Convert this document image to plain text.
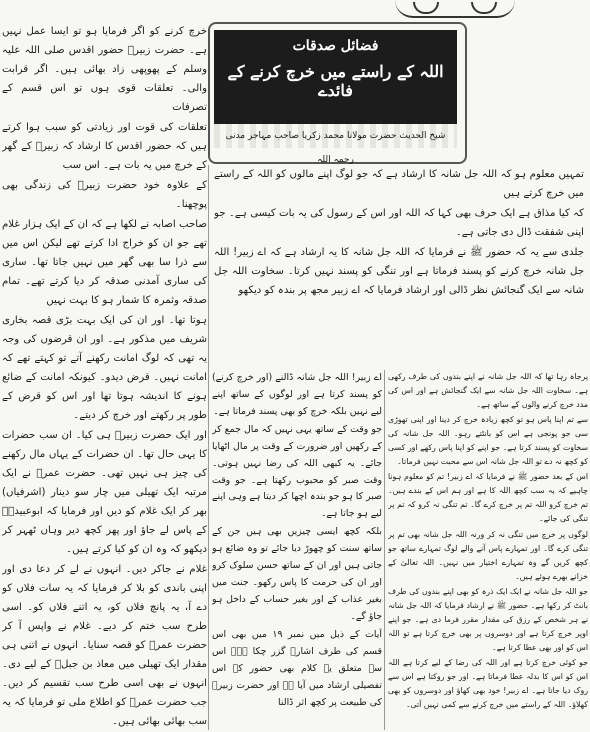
فضائل صدقات
اللہ کے راستے میں خرچ کرنے کے فائدے
شیخ الحدیث حضرت مولانا محمد زکریا صاحب مہاجر مدنی رحمہ اللہ

خرچ کرنے کو اگر فرمایا ہو تو ایسا عمل نہیں ہے۔ حضرت زبیرؓ حضور اقدس صلی اللہ علیہ وسلم کے پھوپھی زاد بھائی ہیں۔ اگر قرابت والی۔ تعلقات قوی ہوں تو اس قسم کے تصرفات

تعلقات کی قوت اور زیادتی کو سبب ہوا کرتے ہیں کہ حضور اقدس کا ارشاد کہ زبیرؓ کے گھر کے خرچ میں یہ بات ہے۔ اس سب

کے علاوہ خود حضرت زبیرؓ کی زندگی بھی پوچھنا۔

صاحب اصابہ نے لکھا ہے کہ ان کے ایک ہزار غلام تھے جو ان کو خراج ادا کرتے تھے لیکن اس میں سے ذرا سا بھی گھر میں نہیں جاتا تھا۔ ساری کی ساری آمدنی صدقہ کر دیا کرتے تھے۔ تمام صدقہ وثمرہ کا شمار ہو کا بہت نہیں

ہوتا تھا۔ اور ان کی ایک بہت بڑی قصہ بخاری شریف میں مذکور ہے۔ اور ان قرضوں کی وجہ یہ تھی کہ لوگ امانت رکھنے آتے تو کہتے تھے کہ امانت نہیں۔ قرض دیدو۔ کیونکہ امانت کے ضائع ہونے کا اندیشہ ہوتا تھا اور اس کو قرض کے طور پر رکھتے اور خرچ کر دیتے۔

اور ایک حضرت زبیرؓ ہی کیا۔ ان سب حضرات کا یہی حال تھا۔ ان حضرات کے یہاں مال رکھنے کی چیز ہی نہیں تھی۔ حضرت عمرؓ نے ایک مرتبہ ایک تھیلی میں چار سو دینار (اشرفیاں) بھر کر ایک غلام کو دیں اور فرمایا کہ ابوعبیدہؓ کے پاس لے جاؤ اور پھر کچھ دیر وہاں ٹھہر کر دیکھو کہ وہ ان کو کیا کرتے ہیں۔

غلام نے جاکر دیں۔ انہوں نے لے کر دعا دی اور اپنی باندی کو بلا کر فرمایا کہ یہ سات فلاں کو دے آ، یہ پانچ فلاں کو، یہ اتنے فلاں کو۔ اسی طرح سب ختم کر دیے۔ غلام نے واپس آ کر حضرت عمرؓ کو قصہ سنایا۔ انہوں نے اتنی ہی مقدار ایک تھیلی میں معاذ بن جبلؓ کے لیے دی۔ انہوں نے بھی اسی طرح سب تقسیم کر دیں۔ جب حضرت عمرؓ کو اطلاع ملی تو فرمایا کہ یہ سب بھائی بھائی ہیں۔

تمہیں معلوم ہو کہ اللہ جل شانہ کا ارشاد ہے کہ جو لوگ اپنے مالوں کو اللہ کے راستے میں خرچ کرتے ہیں

کہ کیا مذاق ہے ایک حرف بھی کہا کہ اللہ اور اس کے رسول کی یہ بات کیسی ہے۔ جو اپنی شفقت ڈال دی جاتی ہے۔

جلدی سے یہ کہ حضور ﷺ نے فرمایا کہ اللہ جل شانہ کا یہ ارشاد ہے کہ اے زبیر! اللہ جل شانہ خرچ کرنے کو پسند فرماتا ہے اور تنگی کو پسند نہیں کرتا۔ سخاوت اللہ جل شانہ سے ایک گنجائش نظر ڈالی اور ارشاد فرمایا کہ اے زبیر مجھ پر بندہ کو دیکھو

اے زبیر! اللہ جل شانہ ڈالنے (اور خرچ کرنے) کو پسند کرتا ہے اور لوگوں کے ساتھ اپنے لیے نہیں بلکہ خرچ کو بھی پسند فرماتا ہے۔

جو وقت کے ساتھ یہی نہیں کہ مال جمع کر کے رکھیں اور ضرورت کے وقت پر مال اٹھایا جائے۔ یہ کبھی اللہ کی رضا نہیں ہوتی۔ وقت صبر کو محبوب رکھتا ہے۔ جو وقت صبر کا ہو جو بندہ اچھا کر دیتا ہے وہی اپنے لیے ہو جاتا ہے۔

بلکہ کچھ ایسی چیزیں بھی ہیں جن کے ساتھ سنت کو چھوڑ دیا جائے تو وہ ضائع ہو جاتی ہیں اور ان کے ساتھ حسن سلوک کرو اور ان کی حرمت کا پاس رکھو۔ جنت میں بغیر عذاب کے اور بغیر حساب کے داخل ہو جاؤ گے۔

آیات کے ذیل میں نمبر ۱۹ میں بھی اس قسم کی طرف اشارہ گزر چکا ہے۔ اس سے متعلق یہ کلام بھی حضور کے اس تفصیلی ارشاد میں آیا ہے اور حضرت زبیرؓ کی طبیعت پر کچھ اثر ڈالنا

پرجاہ رہا تھا کہ اللہ جل شانہ نے اپنے بندوں کی طرف رکھی ہے۔ سخاوت اللہ جل شانہ سے ایک گنجائش ہے اور اس کی مدد خرچ کرنے والوں کے ساتھ ہے۔

سے تم اپنا پاس ہو تو کچھ زیادہ خرچ کر دینا اور اپنی تھوڑی سی جو پونجی ہے اس کو بانٹتے رہو۔ اللہ جل شانہ کی سخاوت کو پسند کرتا ہے۔ جو اپنے کو اپنا پاس رکھے اور کسی کو کچھ نہ دے تو اللہ جل شانہ اس سے محبت نہیں فرماتا۔

اس کے بعد حضور ﷺ نے فرمایا کہ اے زبیر! تم کو معلوم ہونا چاہیے کہ یہ سب کچھ اللہ کا ہے اور ہم اس کے بندے ہیں۔ تم خرچ کرو اللہ تم پر خرچ کرے گا۔ تم تنگی نہ کرو کہ تم پر تنگی کی جائے۔

لوگوں پر خرچ میں تنگی نہ کر ورنہ اللہ جل شانہ بھی تم پر تنگی کرے گا۔ اور تمہارے پاس آنے والے لوگ تمہارے ساتھ جو کچھ کریں گے وہ تمہارے اختیار میں نہیں۔ اللہ تعالیٰ کے خزانے بھرے ہوئے ہیں۔

جو اللہ جل شانہ نے ایک ایک ذرہ کو بھی اپنے بندوں کی طرف بانٹ کر رکھا ہے۔ حضور ﷺ نے ارشاد فرمایا کہ اللہ جل شانہ نے ہر شخص کے رزق کی مقدار مقرر فرما دی ہے۔ جو اپنے اوپر خرچ کرتا ہے اور دوسروں پر بھی خرچ کرتا ہے تو اللہ اس کو اور بھی عطا کرتا ہے۔

جو کوئی خرچ کرتا ہے اور اللہ کی رضا کے لیے کرتا ہے اللہ اس کو اس کا بدلہ عطا فرماتا ہے۔ اور جو روکتا ہے اس سے روک دیا جاتا ہے۔ اے زبیر! خود بھی کھاؤ اور دوسروں کو بھی کھلاؤ۔ اللہ کے راستے میں خرچ کرنے سے کمی نہیں آتی۔
